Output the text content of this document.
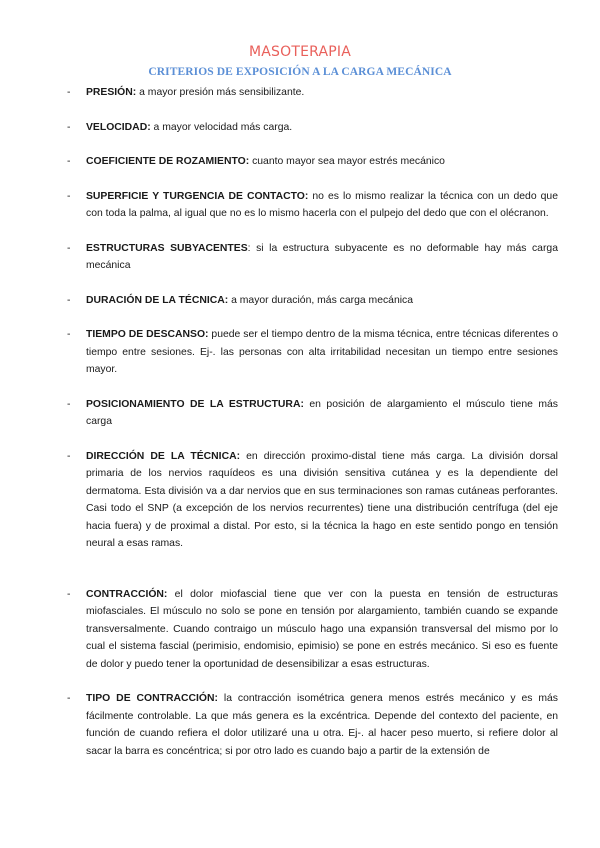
MASOTERAPIA
CRITERIOS DE EXPOSICIÓN A LA CARGA MECÁNICA
- PRESIÓN: a mayor presión más sensibilizante.
- VELOCIDAD: a mayor velocidad más carga.
- COEFICIENTE DE ROZAMIENTO: cuanto mayor sea mayor estrés mecánico
- SUPERFICIE Y TURGENCIA DE CONTACTO: no es lo mismo realizar la técnica con un dedo que con toda la palma, al igual que no es lo mismo hacerla con el pulpejo del dedo que con el olécranon.
- ESTRUCTURAS SUBYACENTES: si la estructura subyacente es no deformable hay más carga mecánica
- DURACIÓN DE LA TÉCNICA: a mayor duración, más carga mecánica
- TIEMPO DE DESCANSO: puede ser el tiempo dentro de la misma técnica, entre técnicas diferentes o tiempo entre sesiones. Ej-. las personas con alta irritabilidad necesitan un tiempo entre sesiones mayor.
- POSICIONAMIENTO DE LA ESTRUCTURA: en posición de alargamiento el músculo tiene más carga
- DIRECCIÓN DE LA TÉCNICA: en dirección proximo-distal tiene más carga. La división dorsal primaria de los nervios raquídeos es una división sensitiva cutánea y es la dependiente del dermatoma. Esta división va a dar nervios que en sus terminaciones son ramas cutáneas perforantes. Casi todo el SNP (a excepción de los nervios recurrentes) tiene una distribución centrífuga (del eje hacia fuera) y de proximal a distal. Por esto, si la técnica la hago en este sentido pongo en tensión neural a esas ramas.
- CONTRACCIÓN: el dolor miofascial tiene que ver con la puesta en tensión de estructuras miofasciales. El músculo no solo se pone en tensión por alargamiento, también cuando se expande transversalmente. Cuando contraigo un músculo hago una expansión transversal del mismo por lo cual el sistema fascial (perimisio, endomisio, epimisio) se pone en estrés mecánico. Si eso es fuente de dolor y puedo tener la oportunidad de desensibilizar a esas estructuras.
- TIPO DE CONTRACCIÓN: la contracción isométrica genera menos estrés mecánico y es más fácilmente controlable. La que más genera es la excéntrica. Depende del contexto del paciente, en función de cuando refiera el dolor utilizaré una u otra. Ej-. al hacer peso muerto, si refiere dolor al sacar la barra es concéntrica; si por otro lado es cuando bajo a partir de la extensión de
